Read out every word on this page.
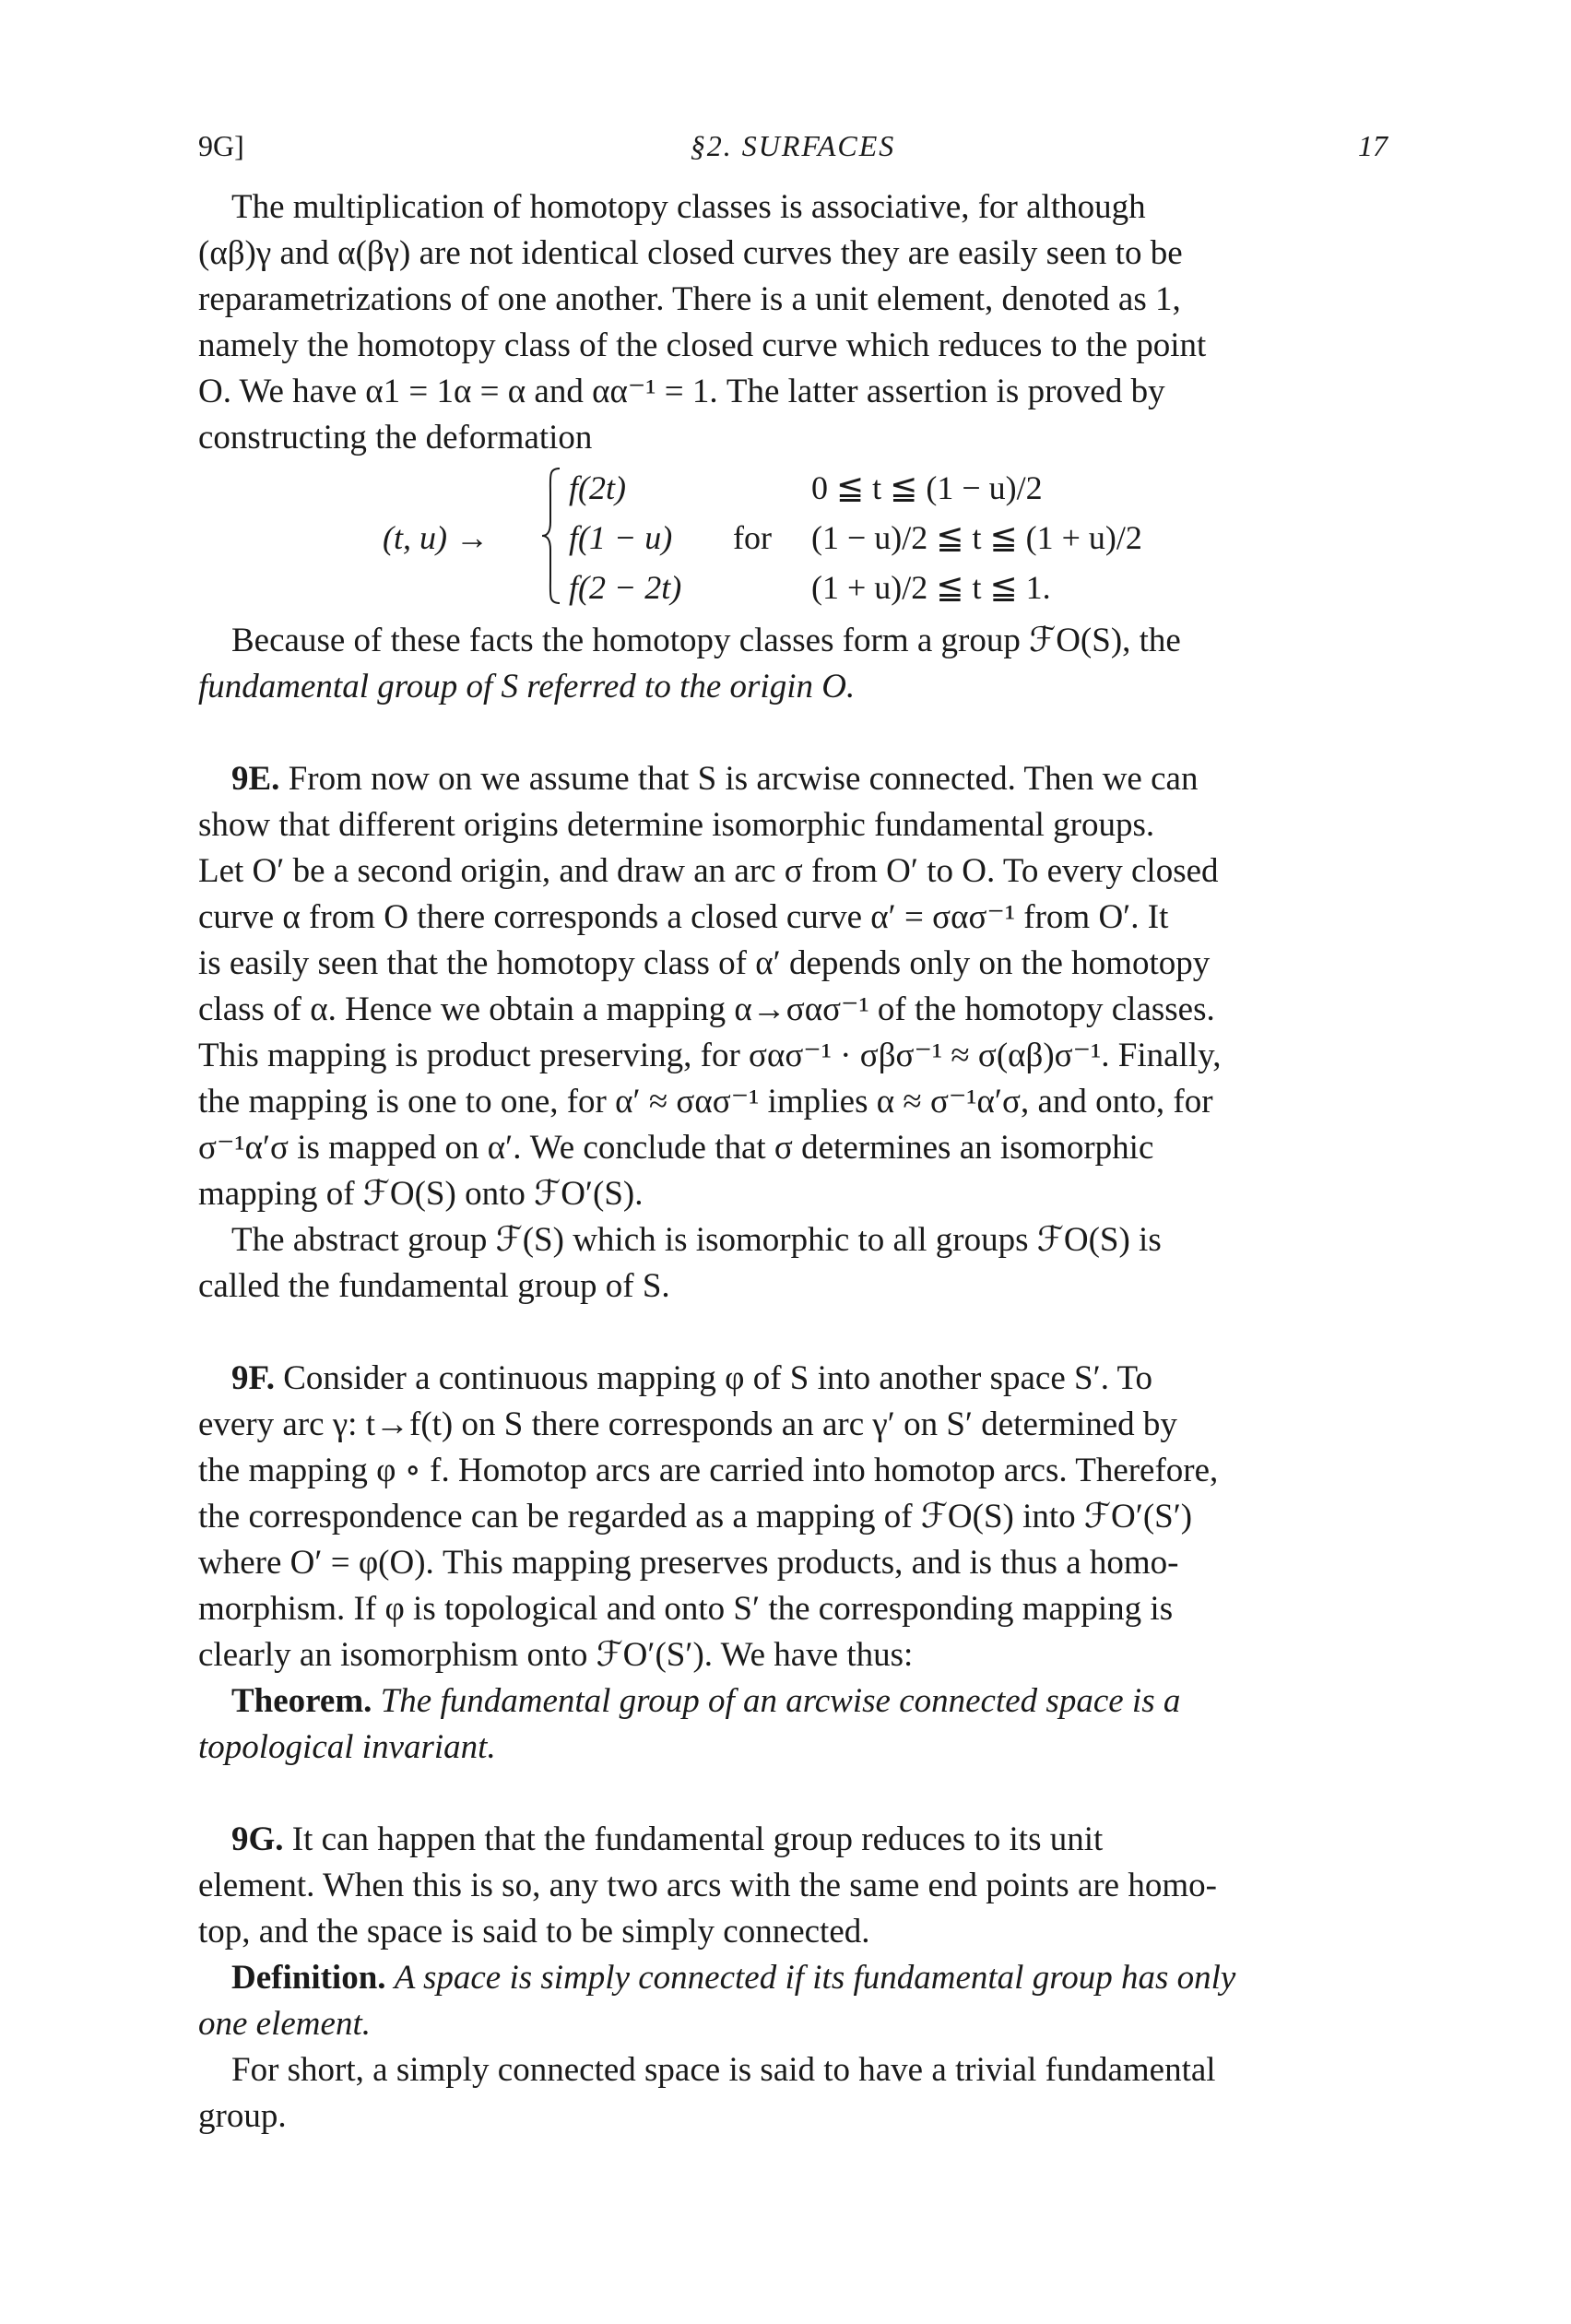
9G]	§2. SURFACES	17

The multiplication of homotopy classes is associative, for although

(αβ)γ and α(βγ) are not identical closed curves they are easily seen to be

reparametrizations of one another. There is a unit element, denoted as 1,

namely the homotopy class of the closed curve which reduces to the point

O. We have α1 = 1α = α and αα⁻¹ = 1. The latter assertion is proved by

constructing the deformation

(t, u) →
f(2t)
f(1 − u)
f(2 − 2t)
for
0 ≦ t ≦ (1 − u)/2
(1 − u)/2 ≦ t ≦ (1 + u)/2
(1 + u)/2 ≦ t ≦ 1.

Because of these facts the homotopy classes form a group ℱO(S), the

fundamental group of S referred to the origin O.

9E. From now on we assume that S is arcwise connected. Then we can

show that different origins determine isomorphic fundamental groups.

Let O′ be a second origin, and draw an arc σ from O′ to O. To every closed

curve α from O there corresponds a closed curve α′ = σασ⁻¹ from O′. It

is easily seen that the homotopy class of α′ depends only on the homotopy

class of α. Hence we obtain a mapping α→σασ⁻¹ of the homotopy classes.

This mapping is product preserving, for σασ⁻¹ · σβσ⁻¹ ≈ σ(αβ)σ⁻¹. Finally,

the mapping is one to one, for α′ ≈ σασ⁻¹ implies α ≈ σ⁻¹α′σ, and onto, for

σ⁻¹α′σ is mapped on α′. We conclude that σ determines an isomorphic

mapping of ℱO(S) onto ℱO′(S).

The abstract group ℱ(S) which is isomorphic to all groups ℱO(S) is

called the fundamental group of S.

9F. Consider a continuous mapping φ of S into another space S′. To

every arc γ: t→f(t) on S there corresponds an arc γ′ on S′ determined by

the mapping φ ∘ f. Homotop arcs are carried into homotop arcs. Therefore,

the correspondence can be regarded as a mapping of ℱO(S) into ℱO′(S′)

where O′ = φ(O). This mapping preserves products, and is thus a homo-

morphism. If φ is topological and onto S′ the corresponding mapping is

clearly an isomorphism onto ℱO′(S′). We have thus:

Theorem. The fundamental group of an arcwise connected space is a

topological invariant.

9G. It can happen that the fundamental group reduces to its unit

element. When this is so, any two arcs with the same end points are homo-

top, and the space is said to be simply connected.

Definition. A space is simply connected if its fundamental group has only

one element.

For short, a simply connected space is said to have a trivial fundamental

group.
